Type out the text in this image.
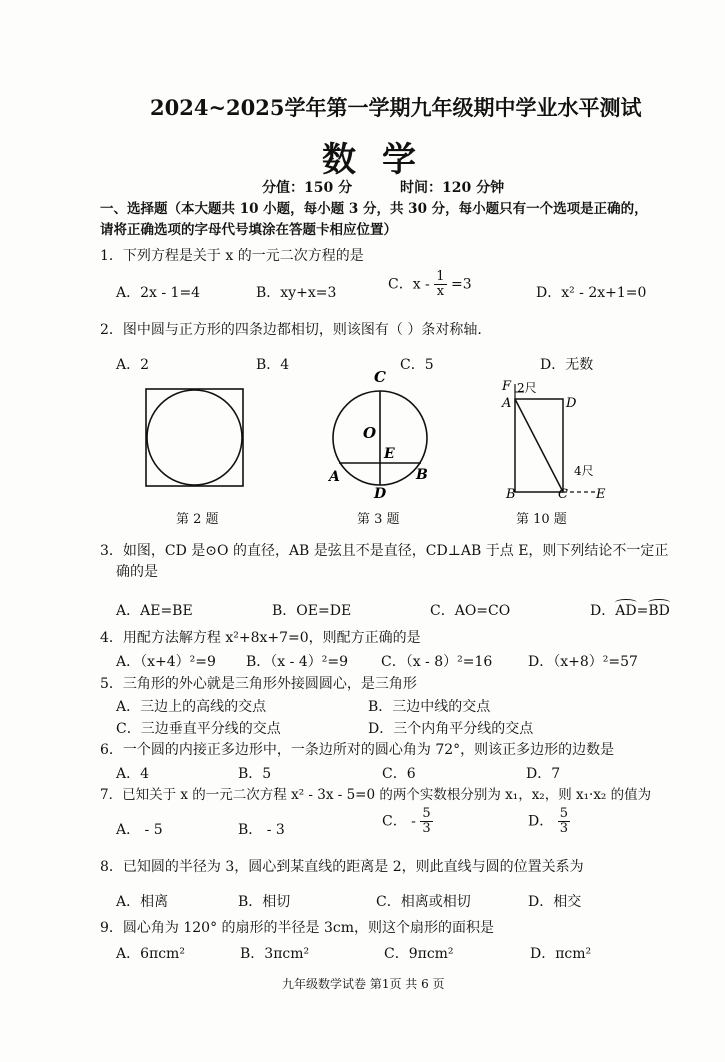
2024~2025学年第一学期九年级期中学业水平测试
数学
分值：150 分	时间：120 分钟
一、选择题（本大题共 10 小题，每小题 3 分，共 30 分，每小题只有一个选项是正确的，
请将正确选项的字母代号填涂在答题卡相应位置）
1．下列方程是关于 x 的一元二次方程的是
A．2x - 1=4	B．xy+x=3
C．$x - \frac{1}{x} =3$
D．x² - 2x+1=0
2．图中圆与正方形的四条边都相切，则该图有（ ）条对称轴.
A．2	B．4	C．5	D．无数
第 2 题
C
O
E
A	B
D
第 3 题
F
A
2尺
D
4尺
B	C E
第 10 题
3．如图，CD 是⊙O 的直径，AB 是弦且不是直径，CD⊥AB 于点 E，则下列结论不一定正
确的是
A．AE=BE	B．OE=DE	C．AO=CO	D．AD=BD
4．用配方法解方程 x²+8x+7=0，则配方正确的是
A．（x+4）²=9 B．（x - 4）²=9 C．（x - 8）²=16	D．（x+8）²=57
5．三角形的外心就是三角形外接圆圆心，是三角形
A．三边上的高线的交点	B．三边中线的交点
C．三边垂直平分线的交点	D．三个内角平分线的交点
6．一个圆的内接正多边形中，一条边所对的圆心角为 72°，则该正多边形的边数是
A．4	B．5	C．6	D．7
7．已知关于 x 的一元二次方程 x² - 3x - 5=0 的两个实数根分别为 x₁，x₂，则 x₁·x₂ 的值为
A． - 5	B． - 3
C． - $\frac{5}{3}$	D． $\frac{5}{3}$
8．已知圆的半径为 3，圆心到某直线的距离是 2，则此直线与圆的位置关系为
A．相离	B．相切	C．相离或相切	D．相交
9．圆心角为 120° 的扇形的半径是 3cm，则这个扇形的面积是
A．6πcm²	B．3πcm²	C．9πcm²	D．πcm²
九年级数学试卷 第1页 共 6 页
